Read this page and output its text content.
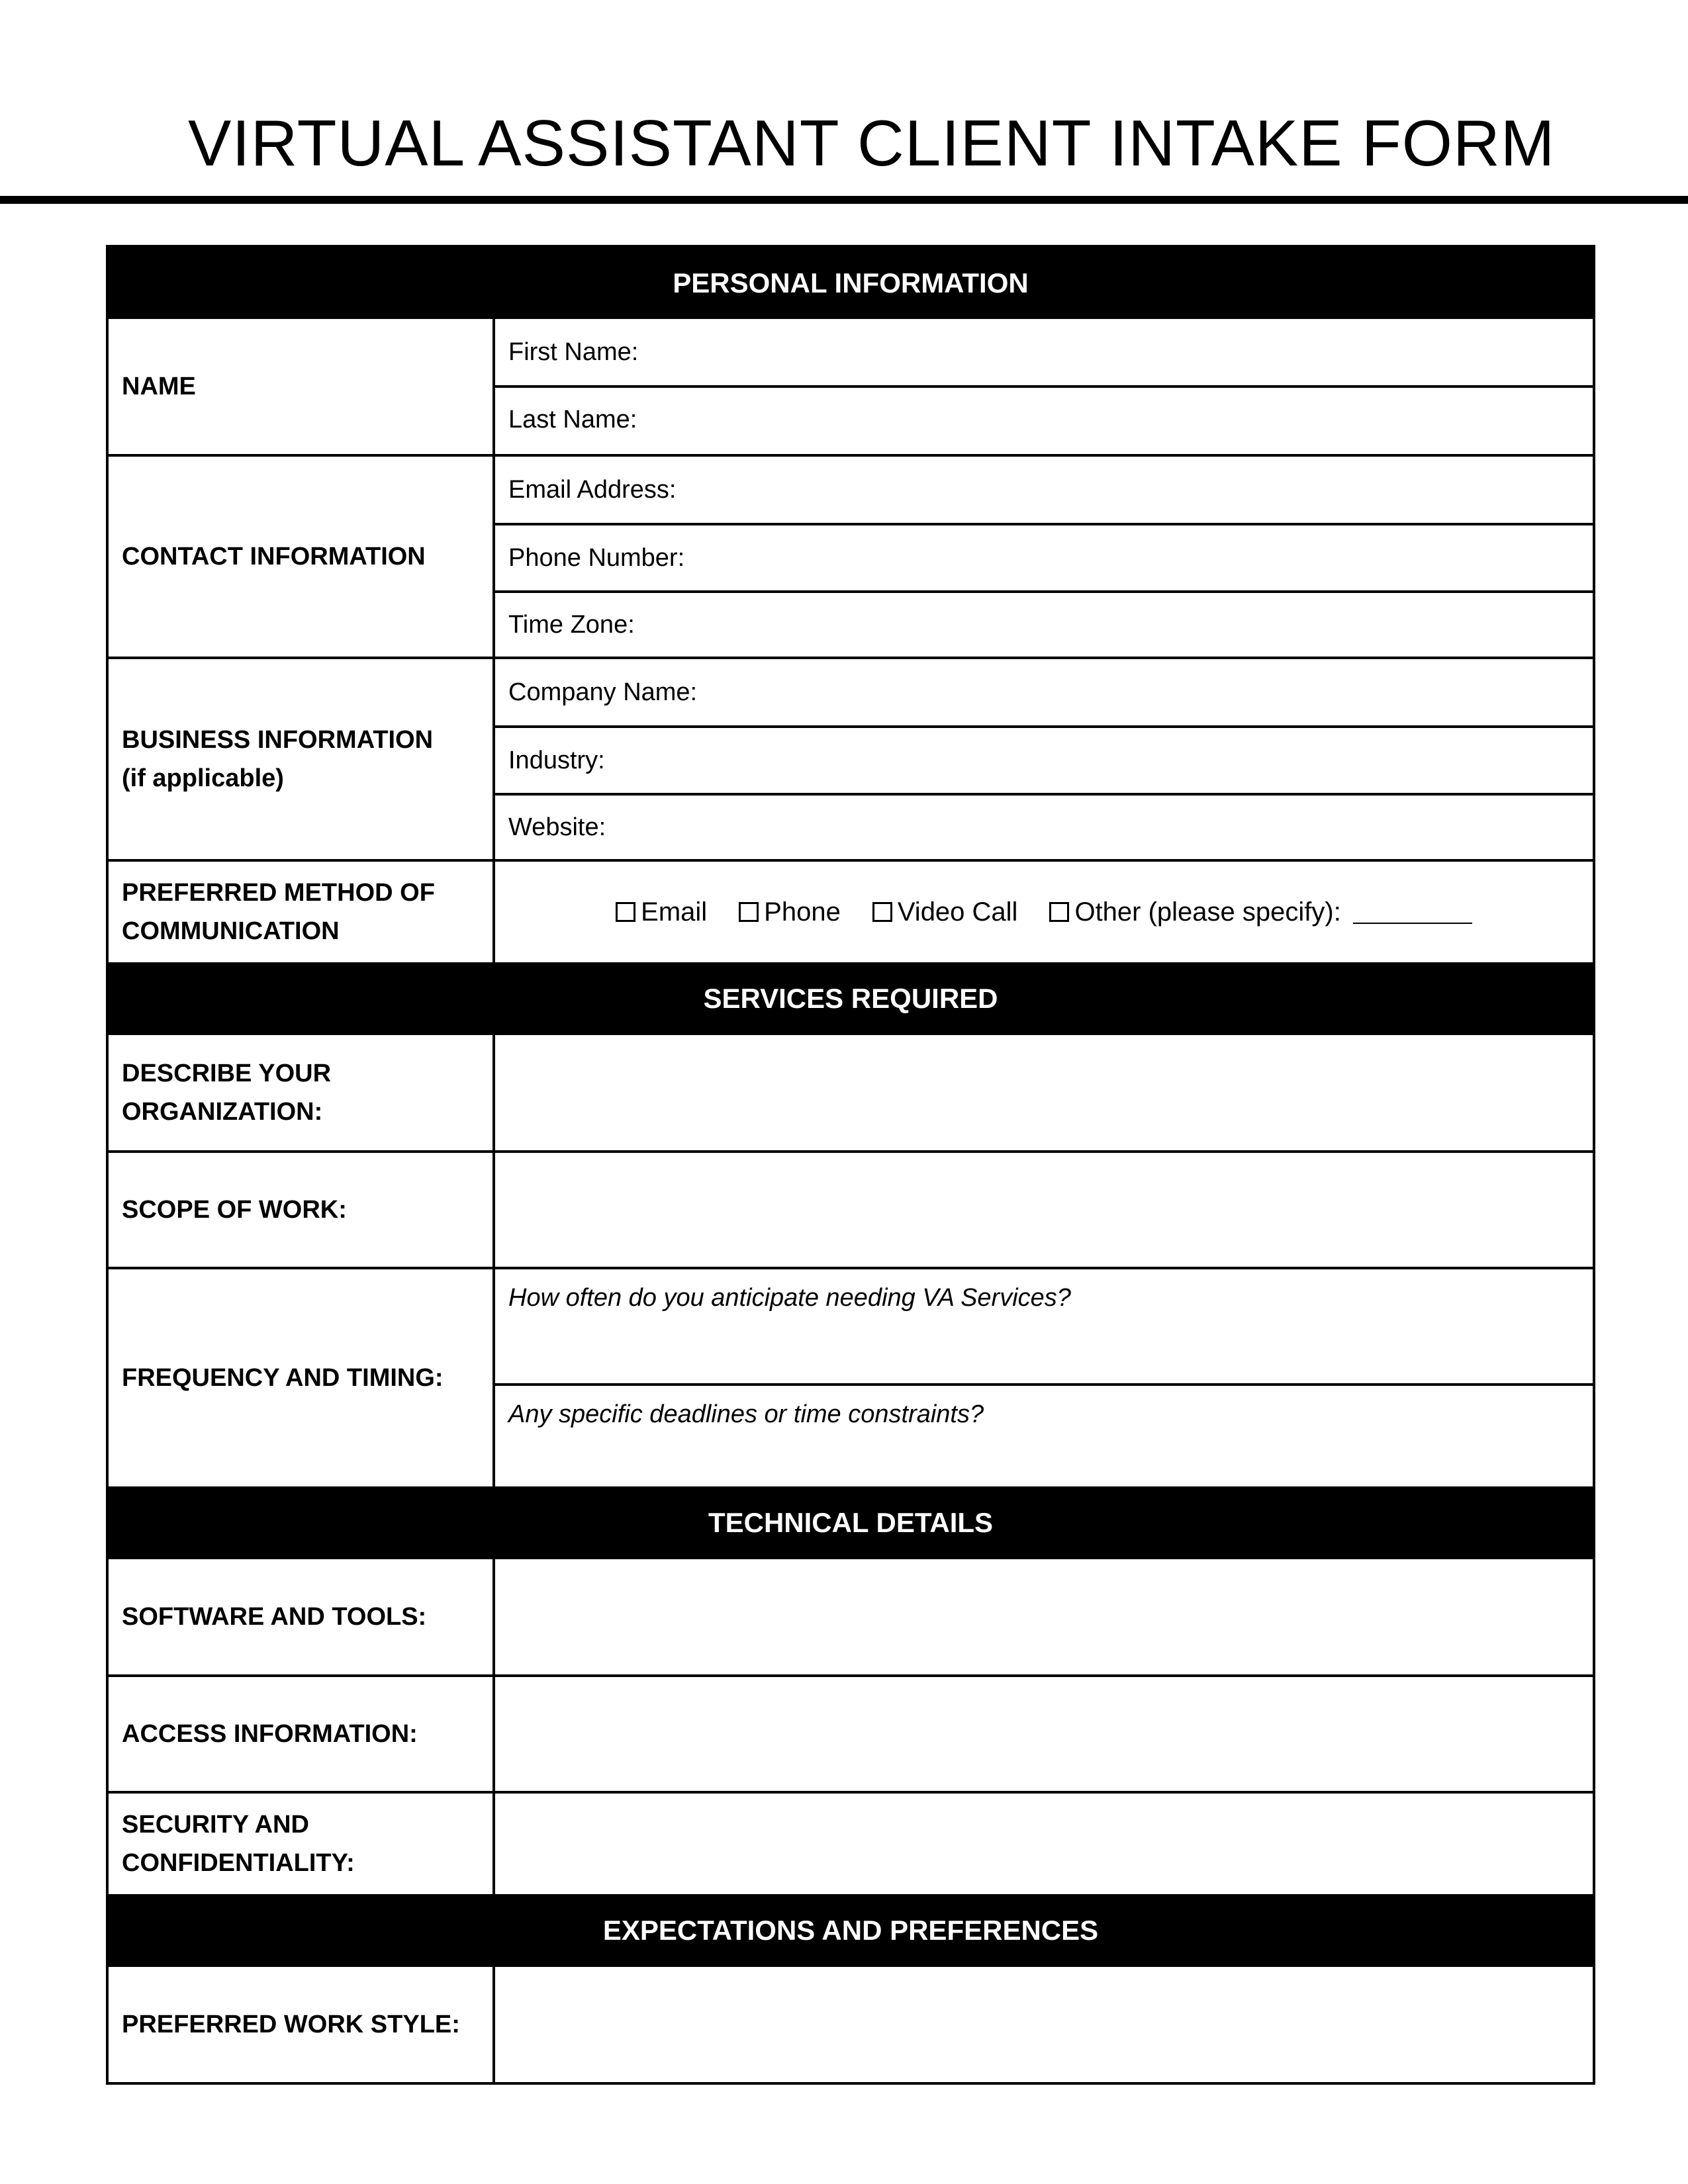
VIRTUAL ASSISTANT CLIENT INTAKE FORM
PERSONAL INFORMATION
NAME
First Name:
Last Name:
CONTACT INFORMATION
Email Address:
Phone Number:
Time Zone:
BUSINESS INFORMATION
(if applicable)
Company Name:
Industry:
Website:
PREFERRED METHOD OF
COMMUNICATION
Email Phone Video Call Other (please specify):
SERVICES REQUIRED
DESCRIBE YOUR
ORGANIZATION:
SCOPE OF WORK:
FREQUENCY AND TIMING:
How often do you anticipate needing VA Services?
Any specific deadlines or time constraints?
TECHNICAL DETAILS
SOFTWARE AND TOOLS:
ACCESS INFORMATION:
SECURITY AND
CONFIDENTIALITY:
EXPECTATIONS AND PREFERENCES
PREFERRED WORK STYLE:
